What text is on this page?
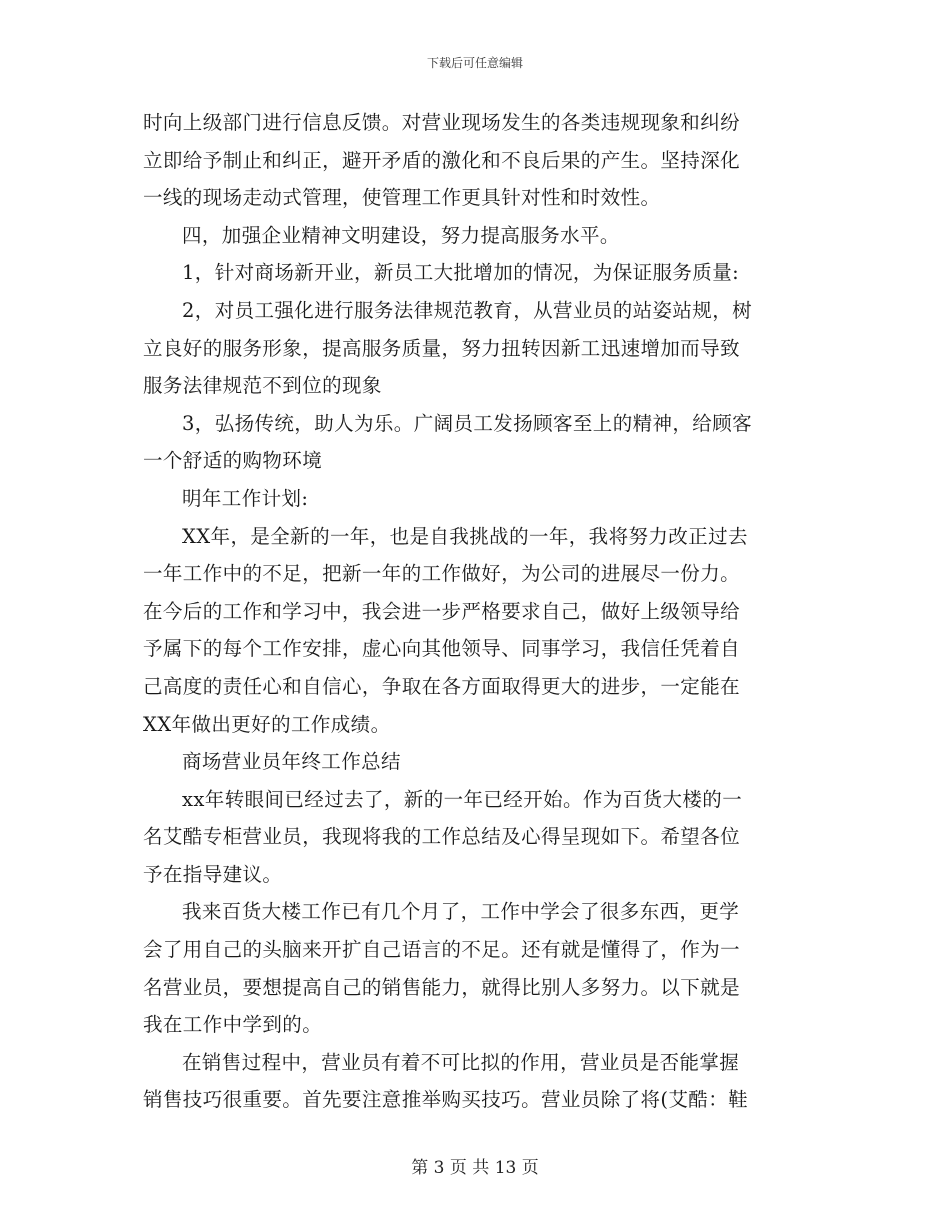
下载后可任意编辑
时向上级部门进行信息反馈。对营业现场发生的各类违规现象和纠纷
立即给予制止和纠正，避开矛盾的激化和不良后果的产生。坚持深化
一线的现场走动式管理，使管理工作更具针对性和时效性。
四，加强企业精神文明建设，努力提高服务水平。
1，针对商场新开业，新员工大批增加的情况，为保证服务质量:
2，对员工强化进行服务法律规范教育，从营业员的站姿站规，树
立良好的服务形象，提高服务质量，努力扭转因新工迅速增加而导致
服务法律规范不到位的现象
3，弘扬传统，助人为乐。广阔员工发扬顾客至上的精神，给顾客
一个舒适的购物环境
明年工作计划:
XX年，是全新的一年，也是自我挑战的一年，我将努力改正过去
一年工作中的不足，把新一年的工作做好，为公司的进展尽一份力。
在今后的工作和学习中，我会进一步严格要求自己，做好上级领导给
予属下的每个工作安排，虚心向其他领导、同事学习，我信任凭着自
己高度的责任心和自信心，争取在各方面取得更大的进步，一定能在
XX年做出更好的工作成绩。
商场营业员年终工作总结
xx年转眼间已经过去了，新的一年已经开始。作为百货大楼的一
名艾酷专柜营业员，我现将我的工作总结及心得呈现如下。希望各位
予在指导建议。
我来百货大楼工作已有几个月了，工作中学会了很多东西，更学
会了用自己的头脑来开扩自己语言的不足。还有就是懂得了，作为一
名营业员，要想提高自己的销售能力，就得比别人多努力。以下就是
我在工作中学到的。
在销售过程中，营业员有着不可比拟的作用，营业员是否能掌握
销售技巧很重要。首先要注意推举购买技巧。营业员除了将(艾酷：鞋
第 3 页 共 13 页
